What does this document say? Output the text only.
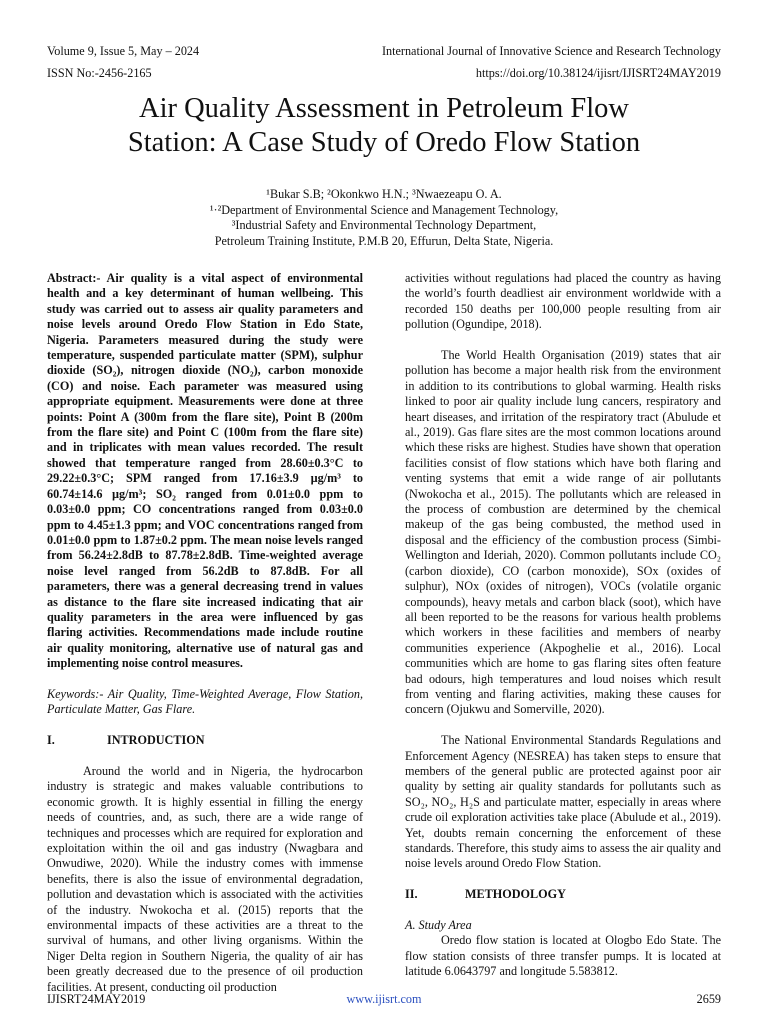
Volume 9, Issue 5, May – 2024	International Journal of Innovative Science and Research Technology
ISSN No:-2456-2165	https://doi.org/10.38124/ijisrt/IJISRT24MAY2019
Air Quality Assessment in Petroleum Flow
Station: A Case Study of Oredo Flow Station
¹Bukar S.B; ²Okonkwo H.N.; ³Nwaezeapu O. A.
¹·²Department of Environmental Science and Management Technology,
³Industrial Safety and Environmental Technology Department,
Petroleum Training Institute, P.M.B 20, Effurun, Delta State, Nigeria.

Abstract:- Air quality is a vital aspect of environmental health and a key determinant of human wellbeing. This study was carried out to assess air quality parameters and noise levels around Oredo Flow Station in Edo State, Nigeria. Parameters measured during the study were temperature, suspended particulate matter (SPM), sulphur dioxide (SO₂), nitrogen dioxide (NO₂), carbon monoxide (CO) and noise. Each parameter was measured using appropriate equipment. Measurements were done at three points: Point A (300m from the flare site), Point B (200m from the flare site) and Point C (100m from the flare site) and in triplicates with mean values recorded. The result showed that temperature ranged from 28.60±0.3°C to 29.22±0.3°C; SPM ranged from 17.16±3.9 µg/m³ to 60.74±14.6 µg/m³; SO₂ ranged from 0.01±0.0 ppm to 0.03±0.0 ppm; CO concentrations ranged from 0.03±0.0 ppm to 4.45±1.3 ppm; and VOC concentrations ranged from 0.01±0.0 ppm to 1.87±0.2 ppm. The mean noise levels ranged from 56.24±2.8dB to 87.78±2.8dB. Time-weighted average noise level ranged from 56.2dB to 87.8dB. For all parameters, there was a general decreasing trend in values as distance to the flare site increased indicating that air quality parameters in the area were influenced by gas flaring activities. Recommendations made include routine air quality monitoring, alternative use of natural gas and implementing noise control measures.

Keywords:- Air Quality, Time-Weighted Average, Flow Station, Particulate Matter, Gas Flare.

I.	INTRODUCTION

Around the world and in Nigeria, the hydrocarbon industry is strategic and makes valuable contributions to economic growth. It is highly essential in filling the energy needs of countries, and, as such, there are a wide range of techniques and processes which are required for exploration and exploitation within the oil and gas industry (Nwagbara and Onwudiwe, 2020). While the industry comes with immense benefits, there is also the issue of environmental degradation, pollution and devastation which is associated with the activities of the industry. Nwokocha et al. (2015) reports that the environmental impacts of these activities are a threat to the survival of humans, and other living organisms. Within the Niger Delta region in Southern Nigeria, the quality of air has been greatly decreased due to the presence of oil production facilities. At present, conducting oil production

activities without regulations had placed the country as having the world’s fourth deadliest air environment worldwide with a recorded 150 deaths per 100,000 people resulting from air pollution (Ogundipe, 2018).

The World Health Organisation (2019) states that air pollution has become a major health risk from the environment in addition to its contributions to global warming. Health risks linked to poor air quality include lung cancers, respiratory and heart diseases, and irritation of the respiratory tract (Abulude et al., 2019). Gas flare sites are the most common locations around which these risks are highest. Studies have shown that operation facilities consist of flow stations which have both flaring and venting systems that emit a wide range of air pollutants (Nwokocha et al., 2015). The pollutants which are released in the process of combustion are determined by the chemical makeup of the gas being combusted, the method used in disposal and the efficiency of the combustion process (Simbi-Wellington and Ideriah, 2020). Common pollutants include CO₂ (carbon dioxide), CO (carbon monoxide), SOx (oxides of sulphur), NOx (oxides of nitrogen), VOCs (volatile organic compounds), heavy metals and carbon black (soot), which have all been reported to be the reasons for various health problems which workers in these facilities and members of nearby communities experience (Akpoghelie et al., 2016). Local communities which are home to gas flaring sites often feature bad odours, high temperatures and loud noises which result from venting and flaring activities, making these causes for concern (Ojukwu and Somerville, 2020).

The National Environmental Standards Regulations and Enforcement Agency (NESREA) has taken steps to ensure that members of the general public are protected against poor air quality by setting air quality standards for pollutants such as SO₂, NO₂, H₂S and particulate matter, especially in areas where crude oil exploration activities take place (Abulude et al., 2019). Yet, doubts remain concerning the enforcement of these standards. Therefore, this study aims to assess the air quality and noise levels around Oredo Flow Station.

II.	METHODOLOGY

A. Study Area

Oredo flow station is located at Ologbo Edo State. The flow station consists of three transfer pumps. It is located at latitude 6.0643797 and longitude 5.583812.

IJISRT24MAY2019	www.ijisrt.com	2659
